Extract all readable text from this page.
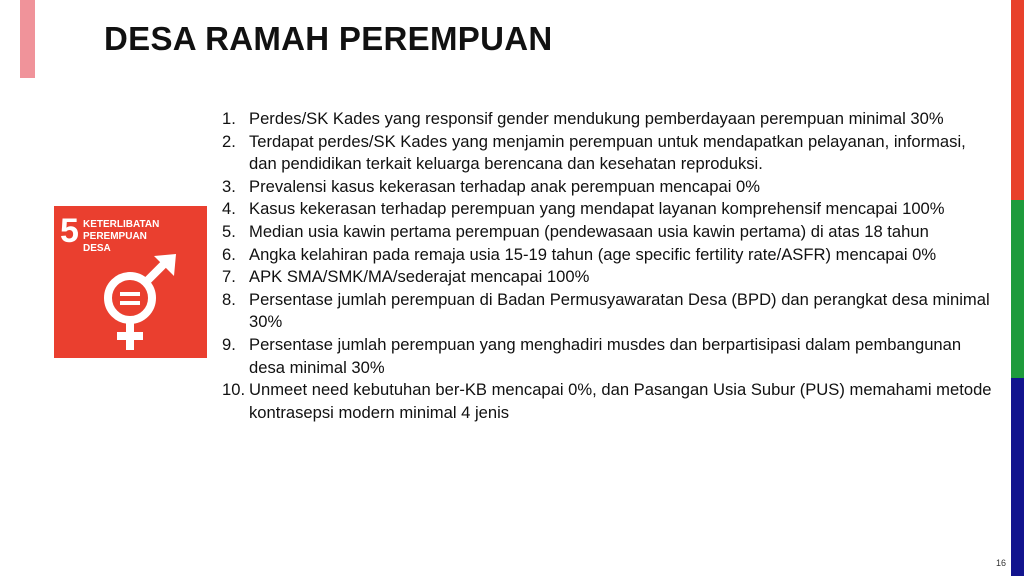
DESA RAMAH PEREMPUAN
5 KETERLIBATAN
PEREMPUAN
DESA
1. Perdes/SK Kades yang responsif gender mendukung pemberdayaan perempuan minimal 30%
2. Terdapat perdes/SK Kades yang menjamin perempuan untuk mendapatkan pelayanan, informasi, dan pendidikan terkait keluarga berencana dan kesehatan reproduksi.
3. Prevalensi kasus kekerasan terhadap anak perempuan mencapai 0%
4. Kasus kekerasan terhadap perempuan yang mendapat layanan komprehensif mencapai 100%
5. Median usia kawin pertama perempuan (pendewasaan usia kawin pertama) di atas 18 tahun
6. Angka kelahiran pada remaja usia 15-19 tahun (age specific fertility rate/ASFR) mencapai 0%
7. APK SMA/SMK/MA/sederajat mencapai 100%
8. Persentase jumlah perempuan di Badan Permusyawaratan Desa (BPD) dan perangkat desa minimal 30%
9. Persentase jumlah perempuan yang menghadiri musdes dan berpartisipasi dalam pembangunan desa minimal 30%
10. Unmeet need kebutuhan ber-KB mencapai 0%, dan Pasangan Usia Subur (PUS) memahami metode kontrasepsi modern minimal 4 jenis
16
